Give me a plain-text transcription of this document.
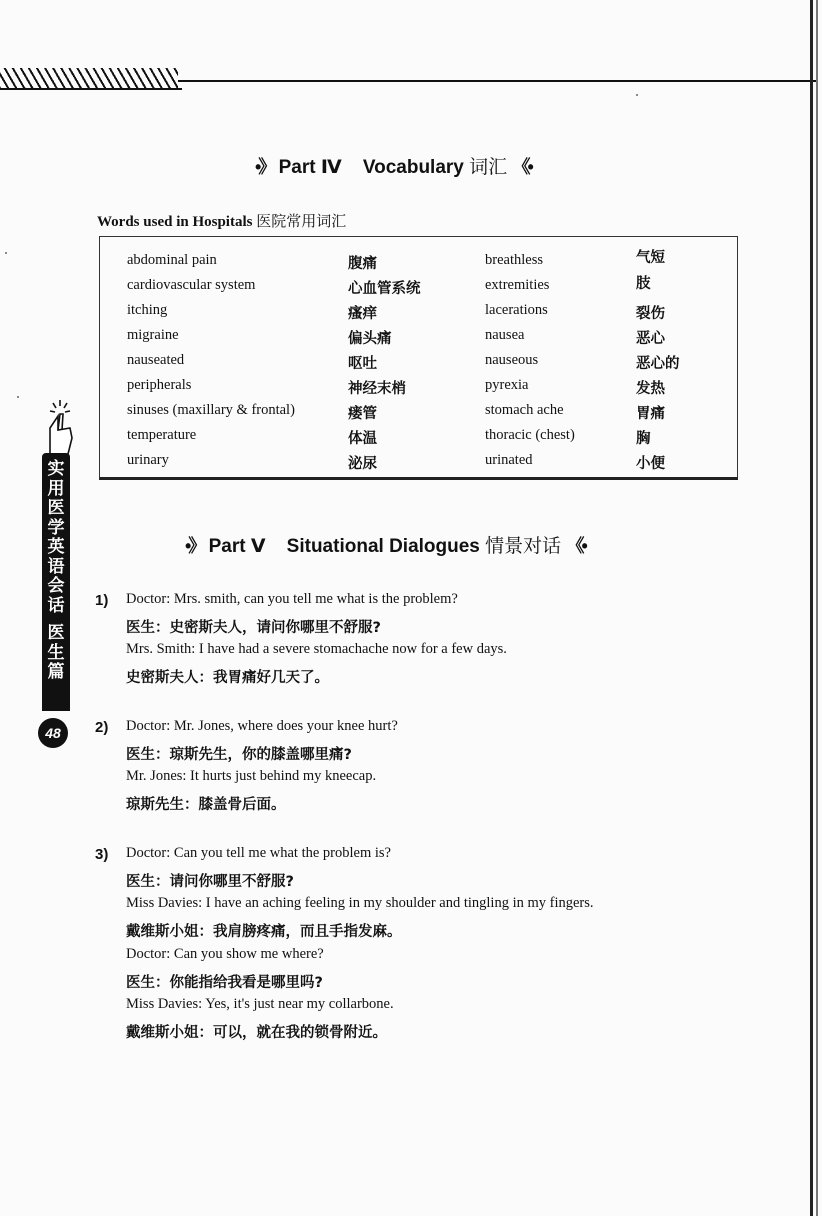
•》 Part Ⅳ Vocabulary 词汇 《•
Words used in Hospitals 医院常用词汇
abdominal pain	腹痛	breathless	气短
cardiovascular system	心血管系统	extremities	肢
itching	瘙痒	lacerations	裂伤
migraine	偏头痛	nausea	恶心
nauseated	呕吐	nauseous	恶心的
peripherals	神经末梢	pyrexia	发热
sinuses (maxillary & frontal)	瘘管	stomach ache	胃痛
temperature	体温	thoracic (chest)	胸
urinary	泌尿	urinated	小便
•》 Part Ⅴ Situational Dialogues 情景对话 《•
实用医学英语会话
医生篇
48
1) Doctor: Mrs. smith, can you tell me what is the problem?
医生：史密斯夫人，请问你哪里不舒服?
Mrs. Smith: I have had a severe stomachache now for a few days.
史密斯夫人：我胃痛好几天了。
2) Doctor: Mr. Jones, where does your knee hurt?
医生：琼斯先生，你的膝盖哪里痛?
Mr. Jones: It hurts just behind my kneecap.
琼斯先生：膝盖骨后面。
3) Doctor: Can you tell me what the problem is?
医生：请问你哪里不舒服?
Miss Davies: I have an aching feeling in my shoulder and tingling in my fingers.
戴维斯小姐：我肩膀疼痛，而且手指发麻。
Doctor: Can you show me where?
医生：你能指给我看是哪里吗?
Miss Davies: Yes, it's just near my collarbone.
戴维斯小姐：可以，就在我的锁骨附近。
